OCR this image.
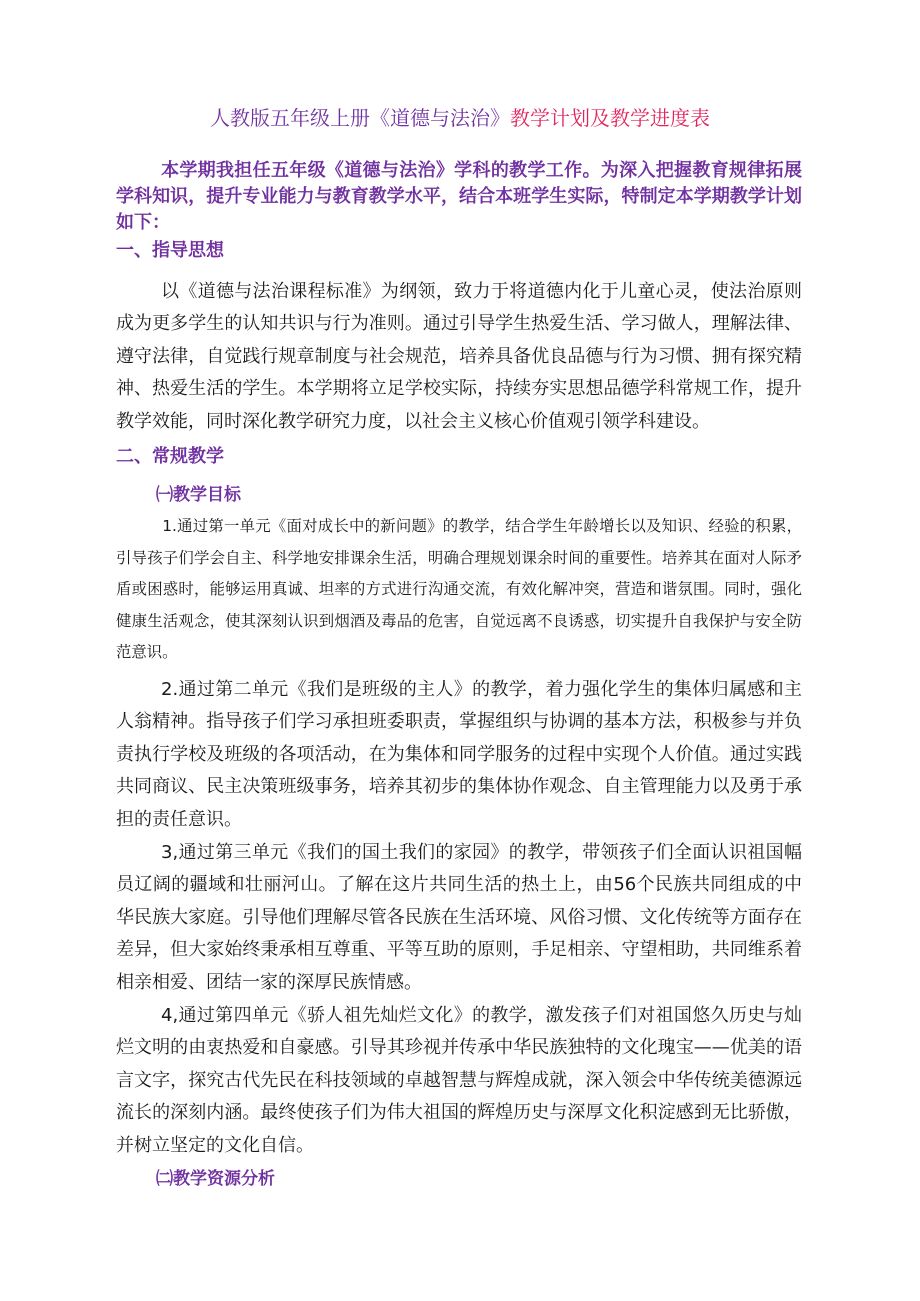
人教版五年级上册《道德与法治》教学计划及教学进度表

本学期我担任五年级《道德与法治》学科的教学工作。为深入把握教育规律拓展学科知识，提升专业能力与教育教学水平，结合本班学生实际，特制定本学期教学计划如下：

一、指导思想

以《道德与法治课程标准》为纲领，致力于将道德内化于儿童心灵，使法治原则成为更多学生的认知共识与行为准则。通过引导学生热爱生活、学习做人，理解法律、遵守法律，自觉践行规章制度与社会规范，培养具备优良品德与行为习惯、拥有探究精神、热爱生活的学生。本学期将立足学校实际，持续夯实思想品德学科常规工作，提升教学效能，同时深化教学研究力度，以社会主义核心价值观引领学科建设。

二、常规教学

㈠教学目标

1.通过第一单元《面对成长中的新问题》的教学，结合学生年龄增长以及知识、经验的积累，引导孩子们学会自主、科学地安排课余生活，明确合理规划课余时间的重要性。培养其在面对人际矛盾或困惑时，能够运用真诚、坦率的方式进行沟通交流，有效化解冲突，营造和谐氛围。同时，强化健康生活观念，使其深刻认识到烟酒及毒品的危害，自觉远离不良诱惑，切实提升自我保护与安全防范意识。

2.通过第二单元《我们是班级的主人》的教学，着力强化学生的集体归属感和主人翁精神。指导孩子们学习承担班委职责，掌握组织与协调的基本方法，积极参与并负责执行学校及班级的各项活动，在为集体和同学服务的过程中实现个人价值。通过实践共同商议、民主决策班级事务，培养其初步的集体协作观念、自主管理能力以及勇于承担的责任意识。

3,通过第三单元《我们的国土我们的家园》的教学，带领孩子们全面认识祖国幅员辽阔的疆域和壮丽河山。了解在这片共同生活的热土上，由56个民族共同组成的中华民族大家庭。引导他们理解尽管各民族在生活环境、风俗习惯、文化传统等方面存在差异，但大家始终秉承相互尊重、平等互助的原则，手足相亲、守望相助，共同维系着相亲相爱、团结一家的深厚民族情感。

4,通过第四单元《骄人祖先灿烂文化》的教学，激发孩子们对祖国悠久历史与灿烂文明的由衷热爱和自豪感。引导其珍视并传承中华民族独特的文化瑰宝——优美的语言文字，探究古代先民在科技领域的卓越智慧与辉煌成就，深入领会中华传统美德源远流长的深刻内涵。最终使孩子们为伟大祖国的辉煌历史与深厚文化积淀感到无比骄傲，并树立坚定的文化自信。

㈡教学资源分析
